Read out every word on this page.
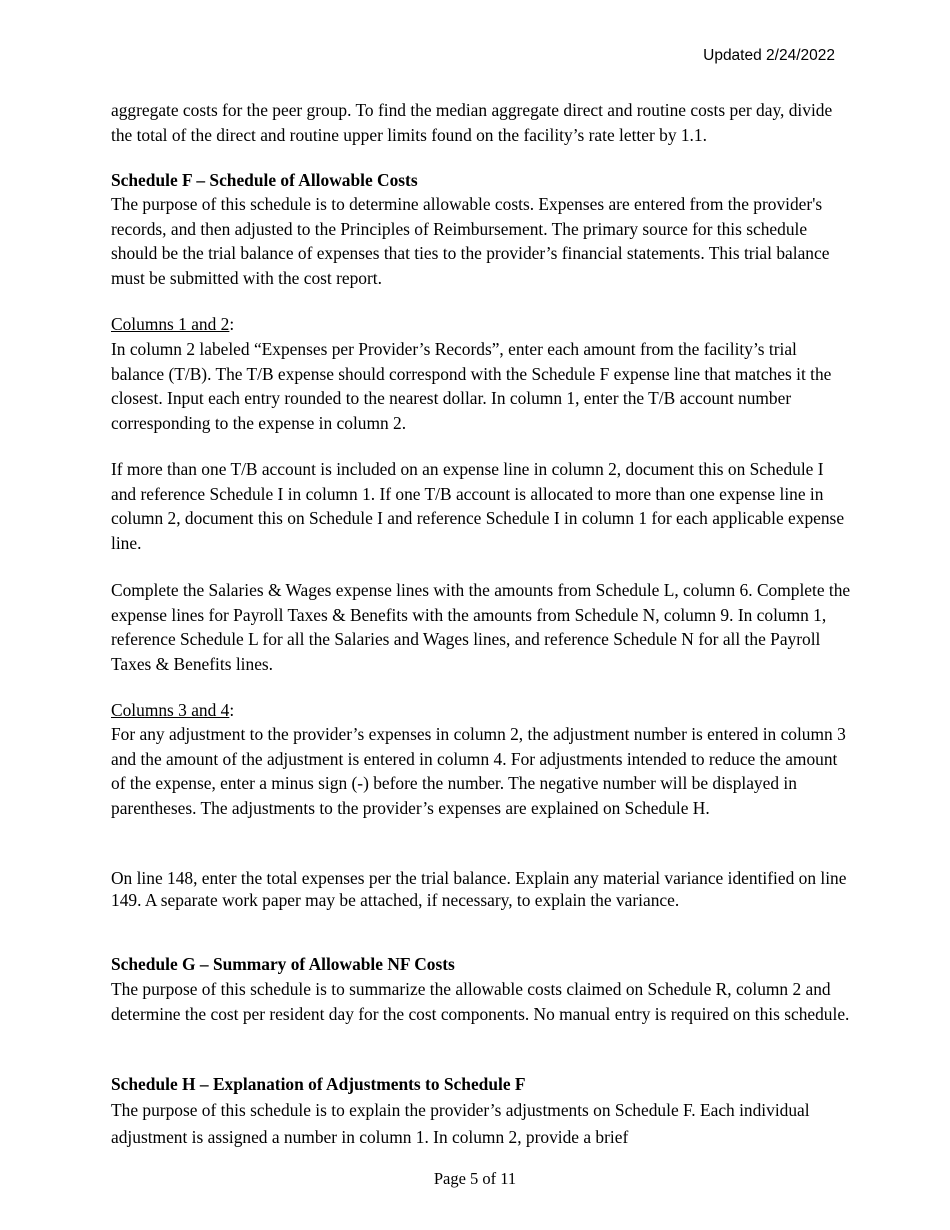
Updated 2/24/2022

aggregate costs for the peer group. To find the median aggregate direct and routine costs per day, divide the total of the direct and routine upper limits found on the facility’s rate letter by 1.1.

Schedule F – Schedule of Allowable Costs

The purpose of this schedule is to determine allowable costs. Expenses are entered from the provider's records, and then adjusted to the Principles of Reimbursement. The primary source for this schedule should be the trial balance of expenses that ties to the provider’s financial statements. This trial balance must be submitted with the cost report.

Columns 1 and 2:

In column 2 labeled “Expenses per Provider’s Records”, enter each amount from the facility’s trial balance (T/B). The T/B expense should correspond with the Schedule F expense line that matches it the closest. Input each entry rounded to the nearest dollar. In column 1, enter the T/B account number corresponding to the expense in column 2.

If more than one T/B account is included on an expense line in column 2, document this on Schedule I and reference Schedule I in column 1. If one T/B account is allocated to more than one expense line in column 2, document this on Schedule I and reference Schedule I in column 1 for each applicable expense line.

Complete the Salaries & Wages expense lines with the amounts from Schedule L, column 6. Complete the expense lines for Payroll Taxes & Benefits with the amounts from Schedule N, column 9. In column 1, reference Schedule L for all the Salaries and Wages lines, and reference Schedule N for all the Payroll Taxes & Benefits lines.

Columns 3 and 4:

For any adjustment to the provider’s expenses in column 2, the adjustment number is entered in column 3 and the amount of the adjustment is entered in column 4. For adjustments intended to reduce the amount of the expense, enter a minus sign (-) before the number. The negative number will be displayed in parentheses. The adjustments to the provider’s expenses are explained on Schedule H.

On line 148, enter the total expenses per the trial balance. Explain any material variance identified on line 149. A separate work paper may be attached, if necessary, to explain the variance.

Schedule G – Summary of Allowable NF Costs

The purpose of this schedule is to summarize the allowable costs claimed on Schedule R, column 2 and determine the cost per resident day for the cost components. No manual entry is required on this schedule.

Schedule H – Explanation of Adjustments to Schedule F

The purpose of this schedule is to explain the provider’s adjustments on Schedule F. Each individual adjustment is assigned a number in column 1. In column 2, provide a brief

Page 5 of 11
